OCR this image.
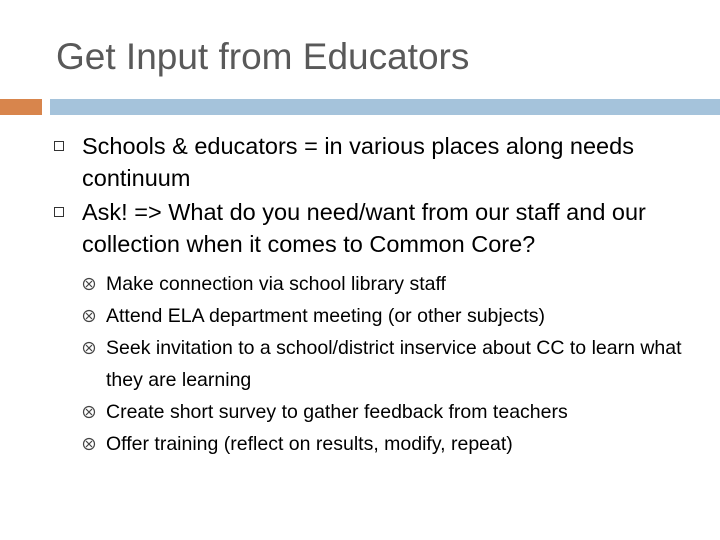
Get Input from Educators
Schools & educators = in various places along needs continuum
Ask! => What do you need/want from our staff and our collection when it comes to Common Core?
Make connection via school library staff
Attend ELA department meeting (or other subjects)
Seek invitation to a school/district inservice about CC to learn what they are learning
Create short survey to gather feedback from teachers
Offer training (reflect on results, modify, repeat)
